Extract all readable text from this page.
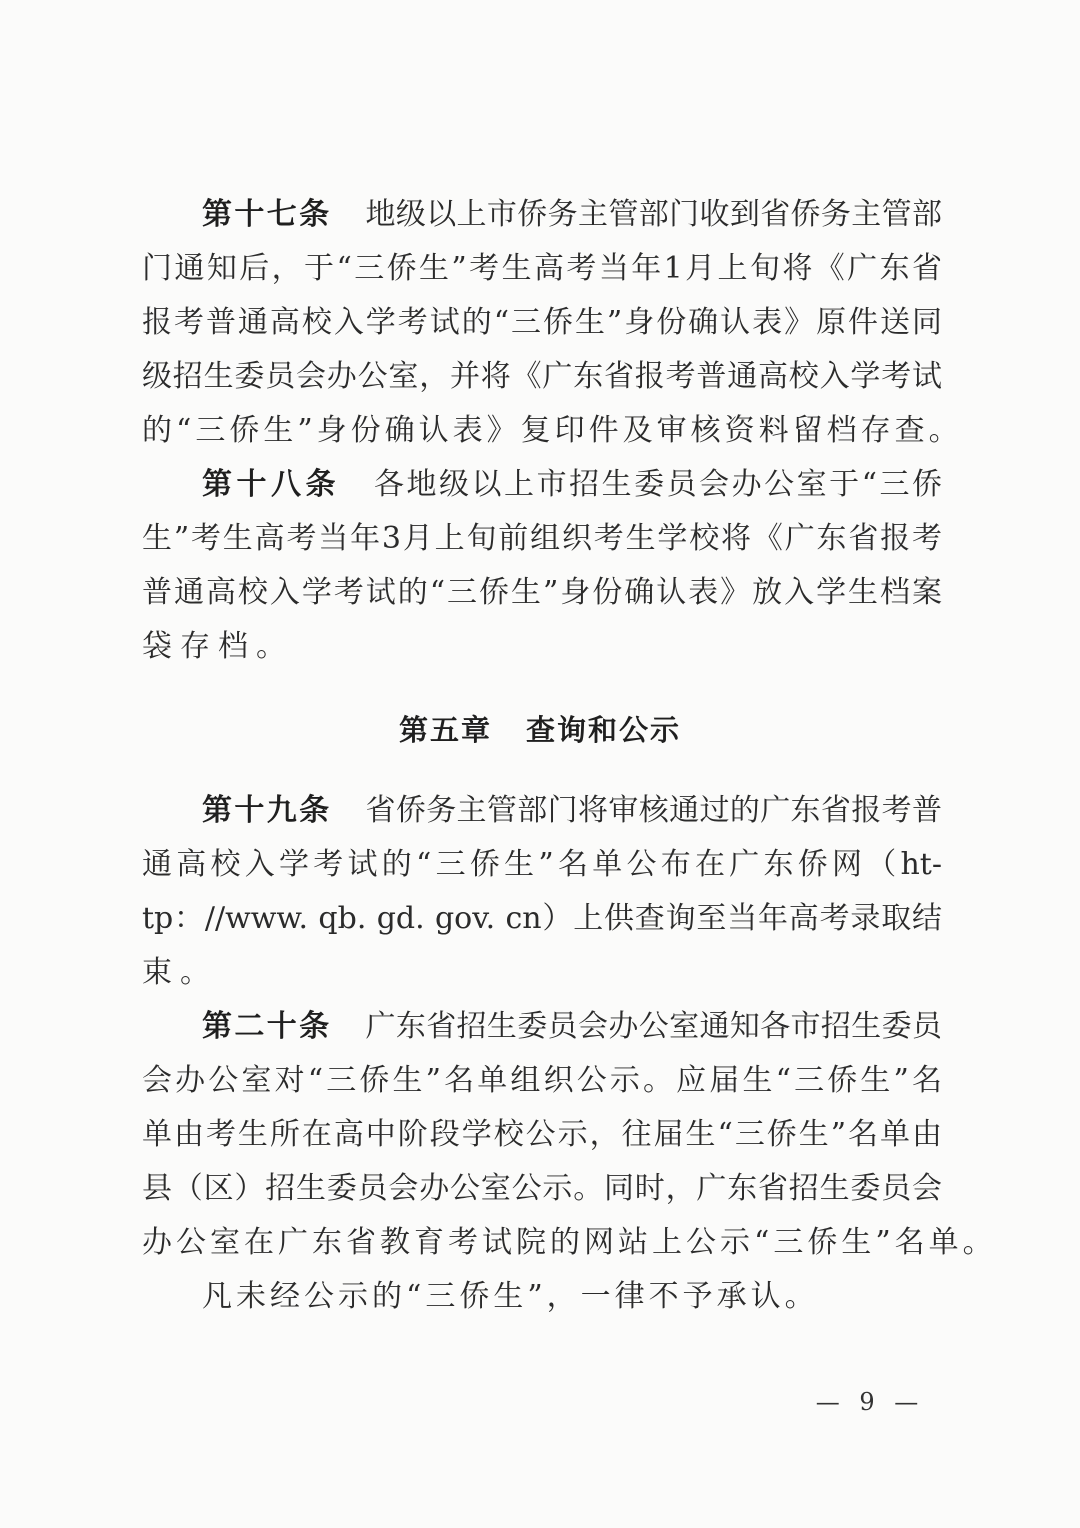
第十七条 地级以上市侨务主管部门收到省侨务主管部
门通知后，于“三侨生”考生高考当年1月上旬将《广东省
报考普通高校入学考试的“三侨生”身份确认表》原件送同
级招生委员会办公室，并将《广东省报考普通高校入学考试
的“三侨生”身份确认表》复印件及审核资料留档存查。
第十八条 各地级以上市招生委员会办公室于“三侨
生”考生高考当年3月上旬前组织考生学校将《广东省报考
普通高校入学考试的“三侨生”身份确认表》放入学生档案
袋存档。
第五章 查询和公示
第十九条 省侨务主管部门将审核通过的广东省报考普
通高校入学考试的“三侨生”名单公布在广东侨网（ht-
tp：//www. qb. gd. gov. cn）上供查询至当年高考录取结
束。
第二十条 广东省招生委员会办公室通知各市招生委员
会办公室对“三侨生”名单组织公示。应届生“三侨生”名
单由考生所在高中阶段学校公示，往届生“三侨生”名单由
县（区）招生委员会办公室公示。同时，广东省招生委员会
办公室在广东省教育考试院的网站上公示“三侨生”名单。
凡未经公示的“三侨生”，一律不予承认。
— 9 —
